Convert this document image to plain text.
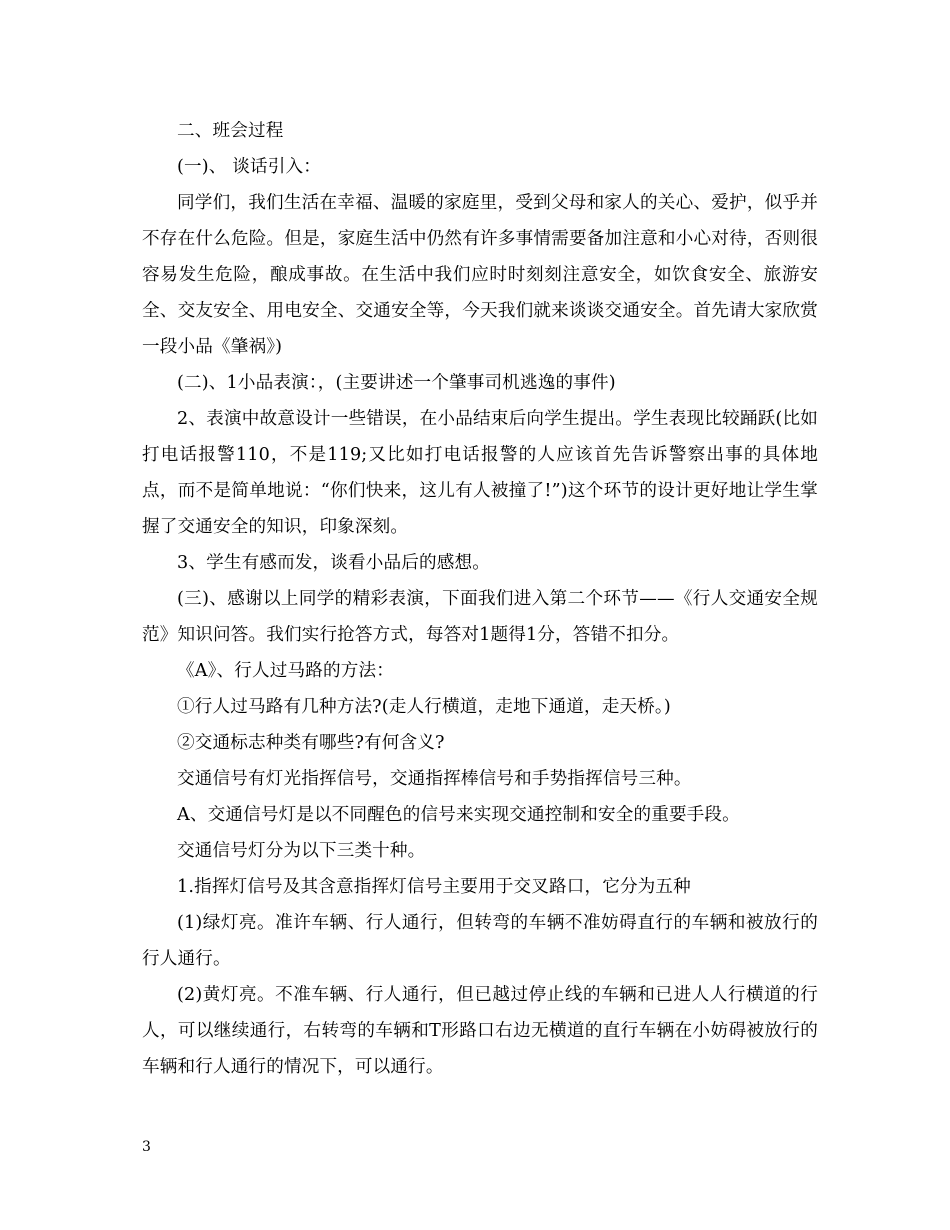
二、班会过程

(一)、 谈话引入：

同学们，我们生活在幸福、温暖的家庭里，受到父母和家人的关心、爱护，似乎并不存在什么危险。但是，家庭生活中仍然有许多事情需要备加注意和小心对待，否则很容易发生危险，酿成事故。在生活中我们应时时刻刻注意安全，如饮食安全、旅游安全、交友安全、用电安全、交通安全等，今天我们就来谈谈交通安全。首先请大家欣赏一段小品《肇祸》)

(二)、1小品表演：，(主要讲述一个肇事司机逃逸的事件)

2、表演中故意设计一些错误，在小品结束后向学生提出。学生表现比较踊跃(比如打电话报警110，不是119;又比如打电话报警的人应该首先告诉警察出事的具体地点，而不是简单地说：“你们快来，这儿有人被撞了!”)这个环节的设计更好地让学生掌握了交通安全的知识，印象深刻。

3、学生有感而发，谈看小品后的感想。

(三)、感谢以上同学的精彩表演，下面我们进入第二个环节——《行人交通安全规范》知识问答。我们实行抢答方式，每答对1题得1分，答错不扣分。

《A》、行人过马路的方法：

①行人过马路有几种方法?(走人行横道，走地下通道，走天桥。)

②交通标志种类有哪些?有何含义?

交通信号有灯光指挥信号，交通指挥棒信号和手势指挥信号三种。

A、交通信号灯是以不同醒色的信号来实现交通控制和安全的重要手段。

交通信号灯分为以下三类十种。

1.指挥灯信号及其含意指挥灯信号主要用于交叉路口，它分为五种

(1)绿灯亮。准许车辆、行人通行，但转弯的车辆不准妨碍直行的车辆和被放行的行人通行。

(2)黄灯亮。不准车辆、行人通行，但已越过停止线的车辆和已进人人行横道的行人，可以继续通行，右转弯的车辆和T形路口右边无横道的直行车辆在小妨碍被放行的车辆和行人通行的情况下，可以通行。

3
